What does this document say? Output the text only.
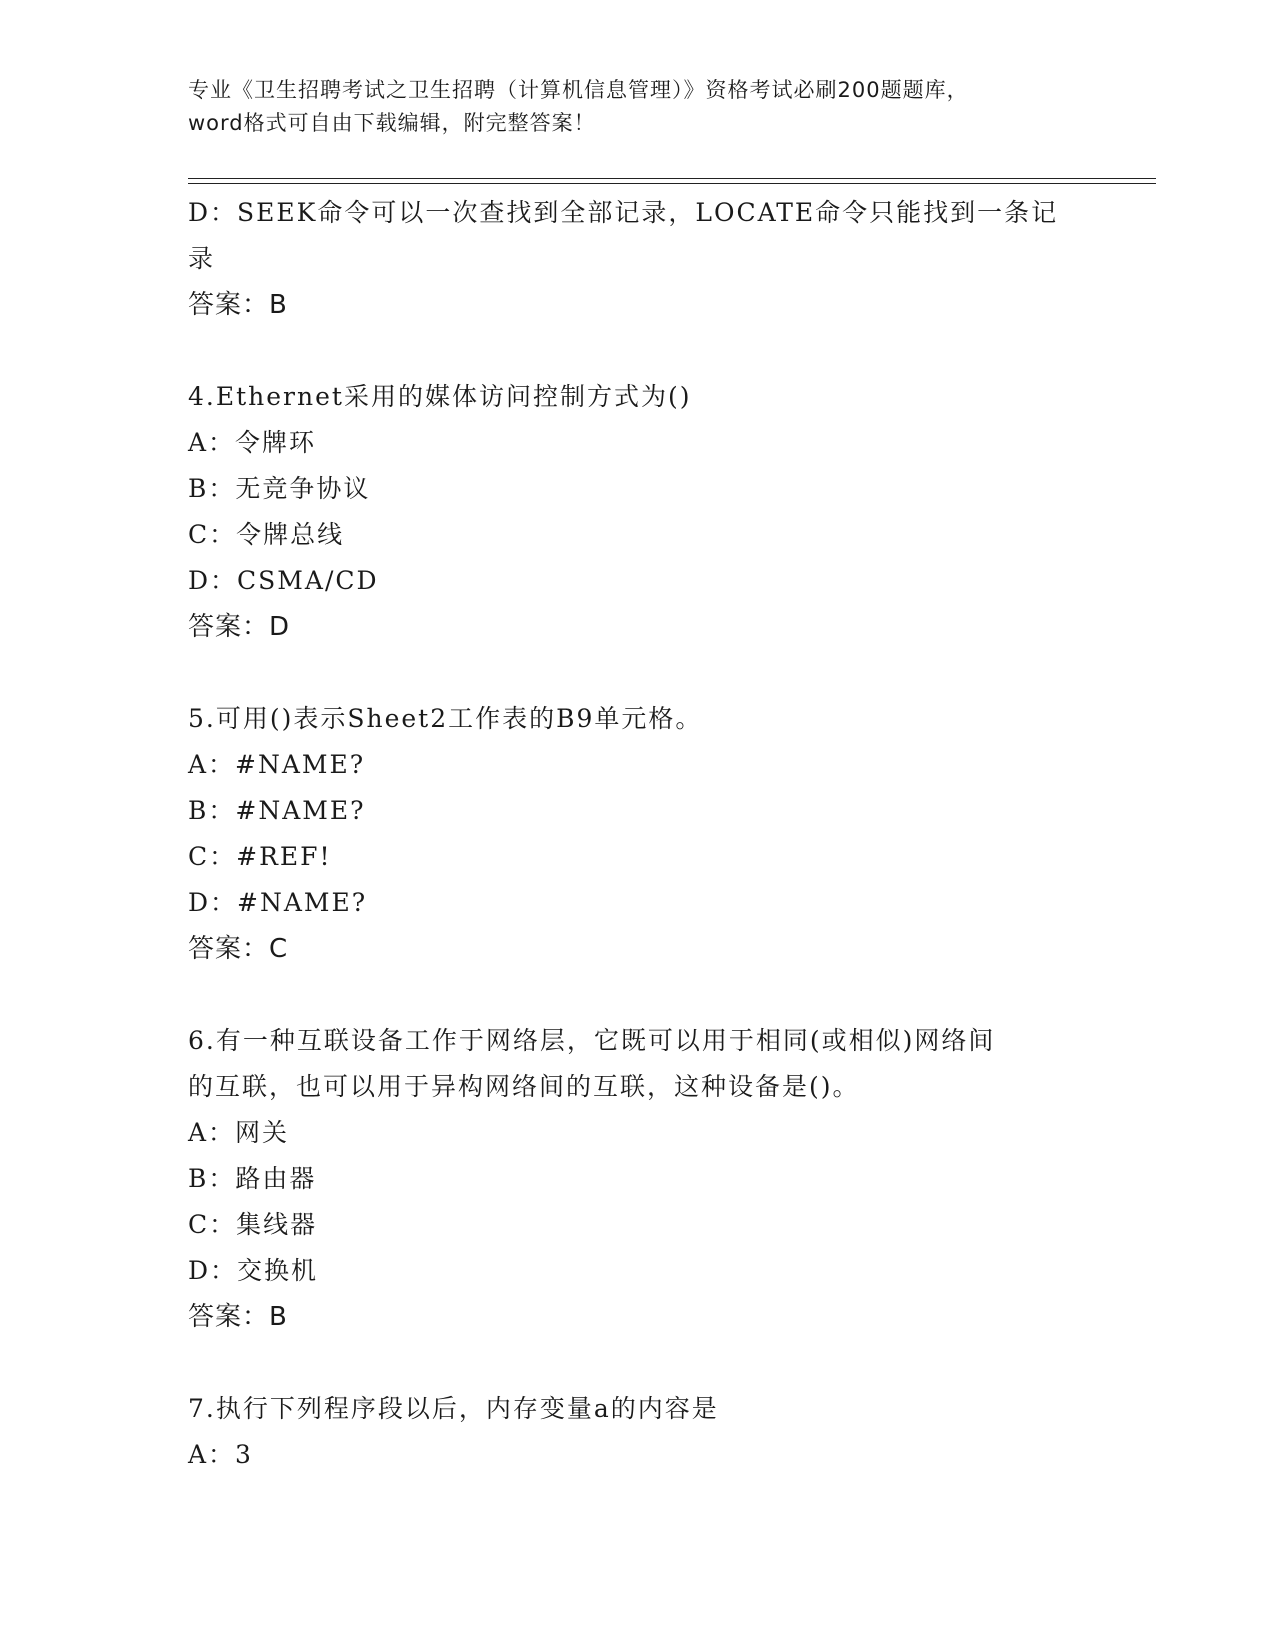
专业《卫生招聘考试之卫生招聘（计算机信息管理）》资格考试必刷200题题库，
word格式可自由下载编辑，附完整答案！
D：SEEK命令可以一次查找到全部记录，LOCATE命令只能找到一条记
录
答案：B
4.Ethernet采用的媒体访问控制方式为()
A：令牌环
B：无竞争协议
C：令牌总线
D：CSMA/CD
答案：D
5.可用()表示Sheet2工作表的B9单元格。
A：#NAME?
B：#NAME?
C：#REF!
D：#NAME?
答案：C
6.有一种互联设备工作于网络层，它既可以用于相同(或相似)网络间
的互联，也可以用于异构网络间的互联，这种设备是()。
A：网关
B：路由器
C：集线器
D：交换机
答案：B
7.执行下列程序段以后，内存变量a的内容是
A：3
